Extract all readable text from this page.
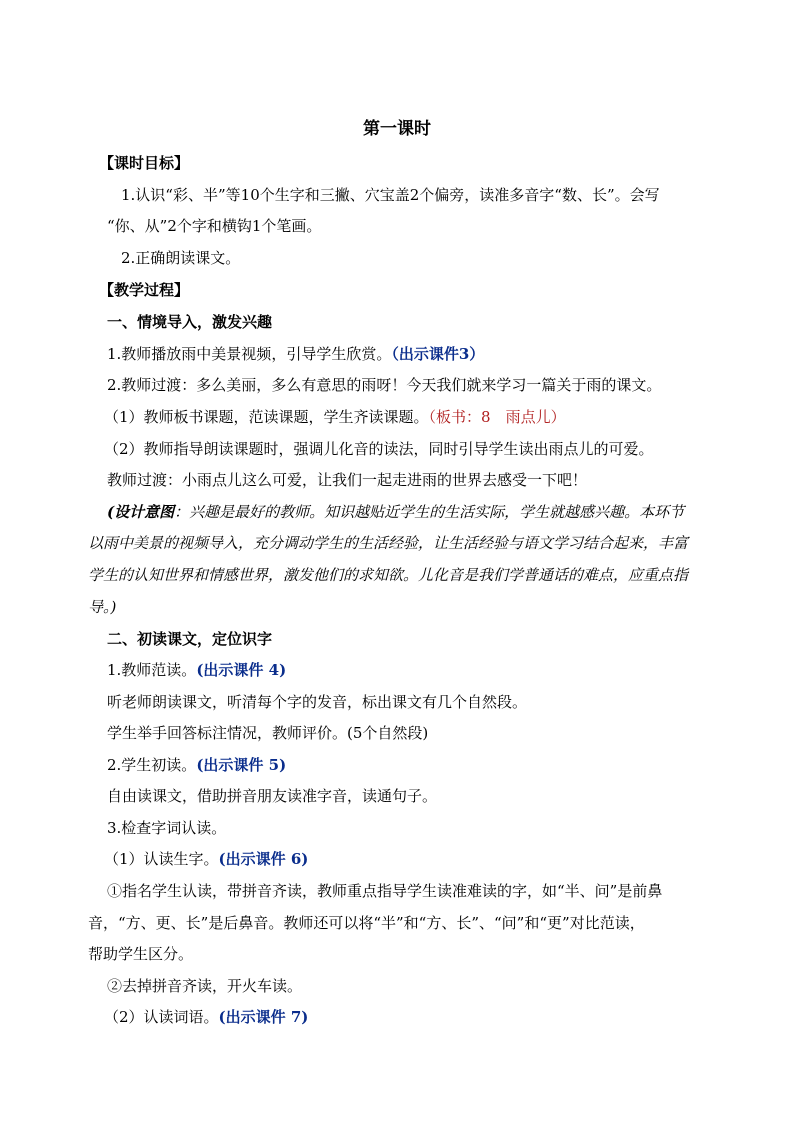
第一课时
【课时目标】
1.认识“彩、半”等10个生字和三撇、穴宝盖2个偏旁，读准多音字“数、长”。会写
“你、从”2个字和横钩1个笔画。
2.正确朗读课文。
【教学过程】
一、情境导入，激发兴趣
1.教师播放雨中美景视频，引导学生欣赏。（出示课件3）
2.教师过渡：多么美丽，多么有意思的雨呀！今天我们就来学习一篇关于雨的课文。
（1）教师板书课题，范读课题，学生齐读课题。（板书：8　雨点儿）
（2）教师指导朗读课题时，强调儿化音的读法，同时引导学生读出雨点儿的可爱。
教师过渡：小雨点儿这么可爱，让我们一起走进雨的世界去感受一下吧！
(设计意图：兴趣是最好的教师。知识越贴近学生的生活实际，学生就越感兴趣。本环节
以雨中美景的视频导入，充分调动学生的生活经验，让生活经验与语文学习结合起来，丰富
学生的认知世界和情感世界，激发他们的求知欲。儿化音是我们学普通话的难点，应重点指
导。)
二、初读课文，定位识字
1.教师范读。(出示课件 4)
听老师朗读课文，听清每个字的发音，标出课文有几个自然段。
学生举手回答标注情况，教师评价。(5个自然段)
2.学生初读。(出示课件 5)
自由读课文，借助拼音朋友读准字音，读通句子。
3.检查字词认读。
（1）认读生字。(出示课件 6)
①指名学生认读，带拼音齐读，教师重点指导学生读准难读的字，如“半、问”是前鼻
音，“方、更、长”是后鼻音。教师还可以将“半”和“方、长”、“问”和“更”对比范读，
帮助学生区分。
②去掉拼音齐读，开火车读。
（2）认读词语。(出示课件 7)
